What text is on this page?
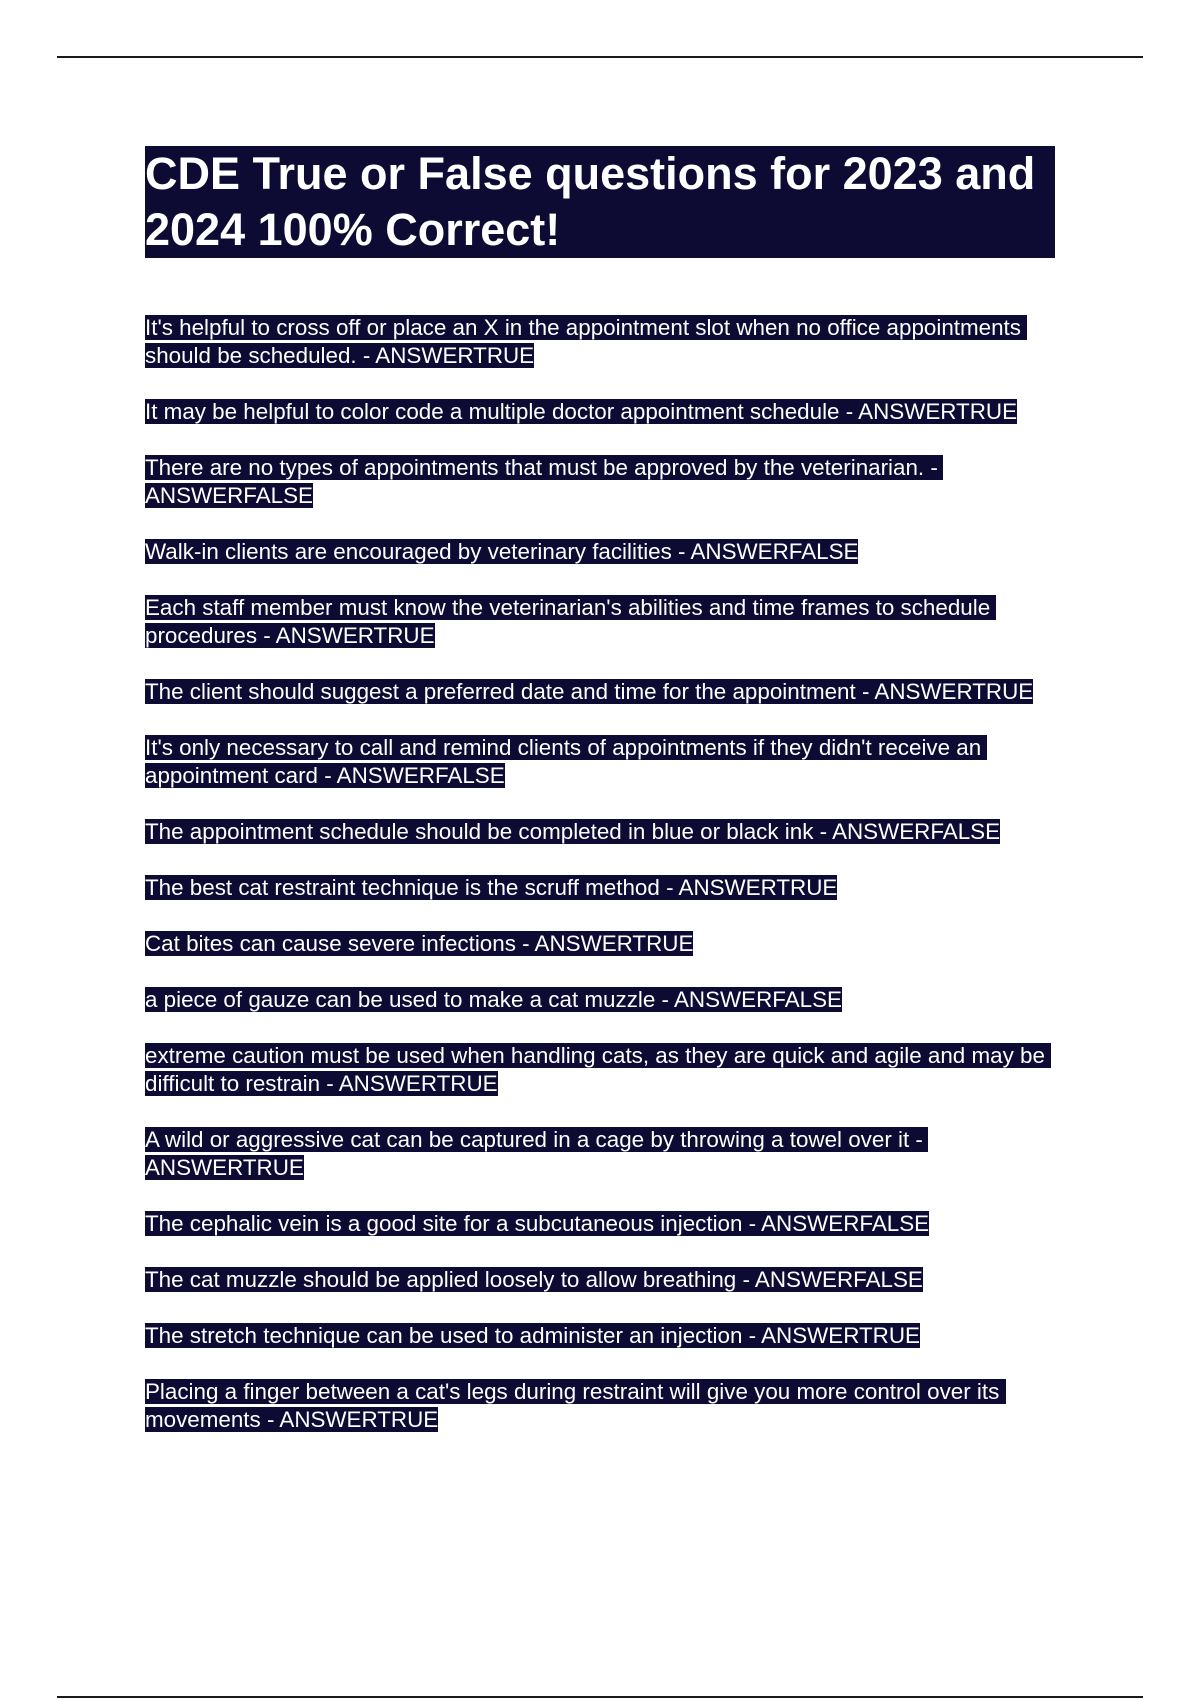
CDE True or False questions for 2023 and 2024 100% Correct!

It's helpful to cross off or place an X in the appointment slot when no office appointments should be scheduled. - ANSWERTRUE

It may be helpful to color code a multiple doctor appointment schedule - ANSWERTRUE

There are no types of appointments that must be approved by the veterinarian. - ANSWERFALSE

Walk-in clients are encouraged by veterinary facilities - ANSWERFALSE

Each staff member must know the veterinarian's abilities and time frames to schedule procedures - ANSWERTRUE

The client should suggest a preferred date and time for the appointment - ANSWERTRUE

It's only necessary to call and remind clients of appointments if they didn't receive an appointment card - ANSWERFALSE

The appointment schedule should be completed in blue or black ink - ANSWERFALSE

The best cat restraint technique is the scruff method - ANSWERTRUE

Cat bites can cause severe infections - ANSWERTRUE

a piece of gauze can be used to make a cat muzzle - ANSWERFALSE

extreme caution must be used when handling cats, as they are quick and agile and may be difficult to restrain - ANSWERTRUE

A wild or aggressive cat can be captured in a cage by throwing a towel over it - ANSWERTRUE

The cephalic vein is a good site for a subcutaneous injection - ANSWERFALSE

The cat muzzle should be applied loosely to allow breathing - ANSWERFALSE

The stretch technique can be used to administer an injection - ANSWERTRUE

Placing a finger between a cat's legs during restraint will give you more control over its movements - ANSWERTRUE
